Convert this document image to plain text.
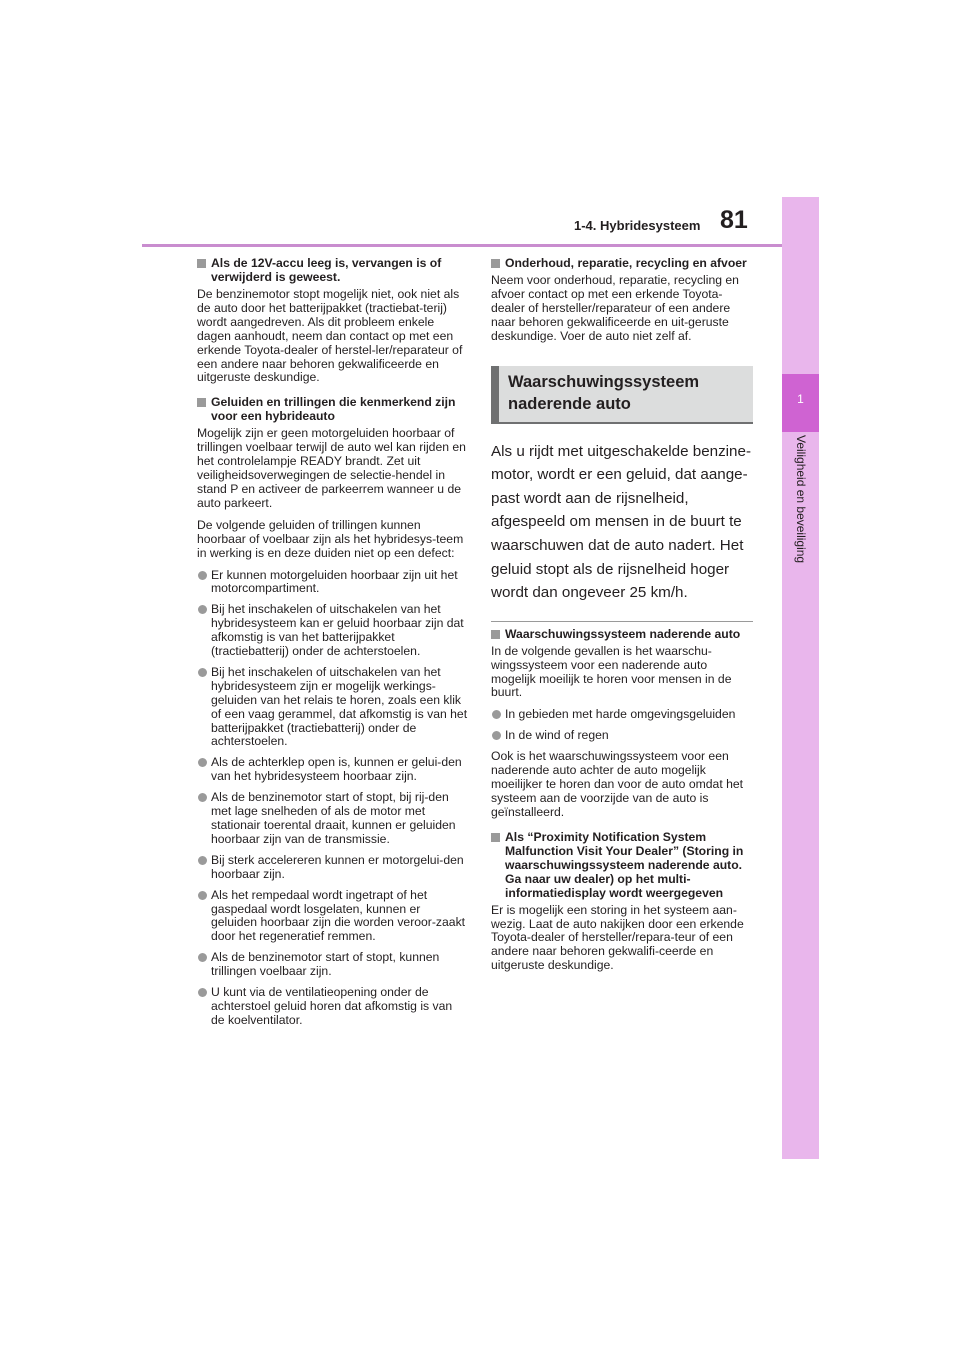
1-4. Hybridesysteem 81
1
Veiligheid en beveiliging
Als de 12V-accu leeg is, vervangen is of verwijderd is geweest.
De benzinemotor stopt mogelijk niet, ook niet als de auto door het batterijpakket (tractiebat-terij) wordt aangedreven. Als dit probleem enkele dagen aanhoudt, neem dan contact op met een erkende Toyota-dealer of herstel-ler/reparateur of een andere naar behoren gekwalificeerde en uitgeruste deskundige.
Geluiden en trillingen die kenmerkend zijn voor een hybrideauto
Mogelijk zijn er geen motorgeluiden hoorbaar of trillingen voelbaar terwijl de auto wel kan rijden en het controlelampje READY brandt. Zet uit veiligheidsoverwegingen de selectie-hendel in stand P en activeer de parkeerrem wanneer u de auto parkeert.
De volgende geluiden of trillingen kunnen hoorbaar of voelbaar zijn als het hybridesys-teem in werking is en deze duiden niet op een defect:
Er kunnen motorgeluiden hoorbaar zijn uit het motorcompartiment.
Bij het inschakelen of uitschakelen van het hybridesysteem kan er geluid hoorbaar zijn dat afkomstig is van het batterijpakket (tractiebatterij) onder de achterstoelen.
Bij het inschakelen of uitschakelen van het hybridesysteem zijn er mogelijk werkings-geluiden van het relais te horen, zoals een klik of een vaag gerammel, dat afkomstig is van het batterijpakket (tractiebatterij) onder de achterstoelen.
Als de achterklep open is, kunnen er gelui-den van het hybridesysteem hoorbaar zijn.
Als de benzinemotor start of stopt, bij rij-den met lage snelheden of als de motor met stationair toerental draait, kunnen er geluiden hoorbaar zijn van de transmissie.
Bij sterk accelereren kunnen er motorgelui-den hoorbaar zijn.
Als het rempedaal wordt ingetrapt of het gaspedaal wordt losgelaten, kunnen er geluiden hoorbaar zijn die worden veroor-zaakt door het regeneratief remmen.
Als de benzinemotor start of stopt, kunnen trillingen voelbaar zijn.
U kunt via de ventilatieopening onder de achterstoel geluid horen dat afkomstig is van de koelventilator.
Onderhoud, reparatie, recycling en afvoer
Neem voor onderhoud, reparatie, recycling en afvoer contact op met een erkende Toyota-dealer of hersteller/reparateur of een andere naar behoren gekwalificeerde en uit-geruste deskundige. Voer de auto niet zelf af.
Waarschuwingssysteem naderende auto
Als u rijdt met uitgeschakelde benzine-motor, wordt er een geluid, dat aange-past wordt aan de rijsnelheid, afgespeeld om mensen in de buurt te waarschuwen dat de auto nadert. Het geluid stopt als de rijsnelheid hoger wordt dan ongeveer 25 km/h.
Waarschuwingssysteem naderende auto
In de volgende gevallen is het waarschu-wingssysteem voor een naderende auto mogelijk moeilijk te horen voor mensen in de buurt.
In gebieden met harde omgevingsgeluiden
In de wind of regen
Ook is het waarschuwingssysteem voor een naderende auto achter de auto mogelijk moeilijker te horen dan voor de auto omdat het systeem aan de voorzijde van de auto is geïnstalleerd.
Als “Proximity Notification System Malfunction Visit Your Dealer” (Storing in waarschuwingssysteem naderende auto. Ga naar uw dealer) op het multi-informatiedisplay wordt weergegeven
Er is mogelijk een storing in het systeem aan-wezig. Laat de auto nakijken door een erkende Toyota-dealer of hersteller/repara-teur of een andere naar behoren gekwalifi-ceerde en uitgeruste deskundige.
